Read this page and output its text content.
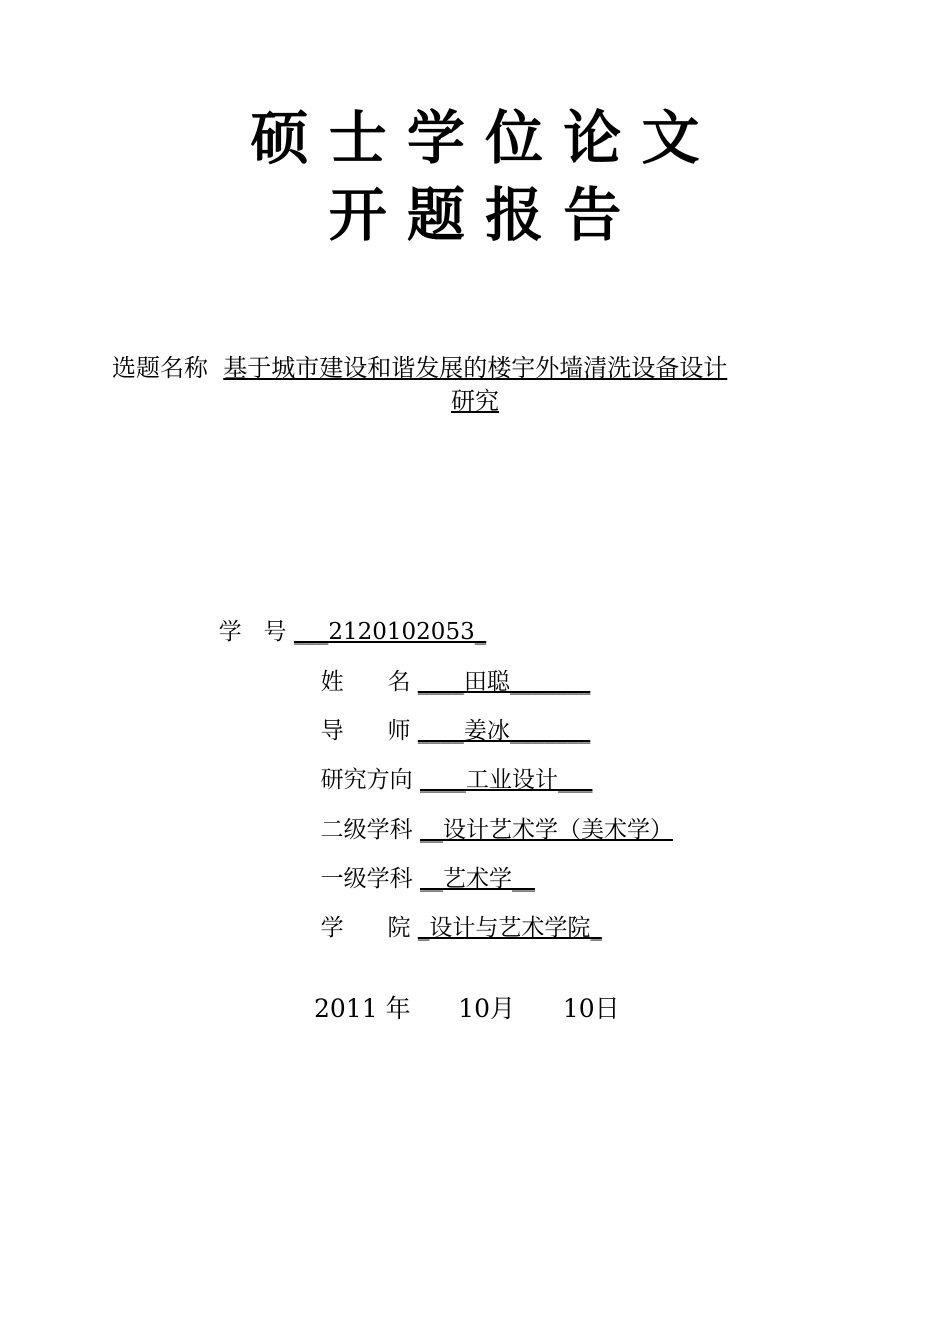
硕 士 学 位 论 文
开 题 报 告
选题名称  基于城市建设和谐发展的楼宇外墙清洗设备设计
研究

学   号 ___2120102053_

姓      名 ____田聪_______

导      师 ____姜冰_______

研究方向 ____工业设计___

二级学科 __设计艺术学（美术学）

一级学科 __艺术学__

学      院 _设计与艺术学院_

2011 年 10月 10日
